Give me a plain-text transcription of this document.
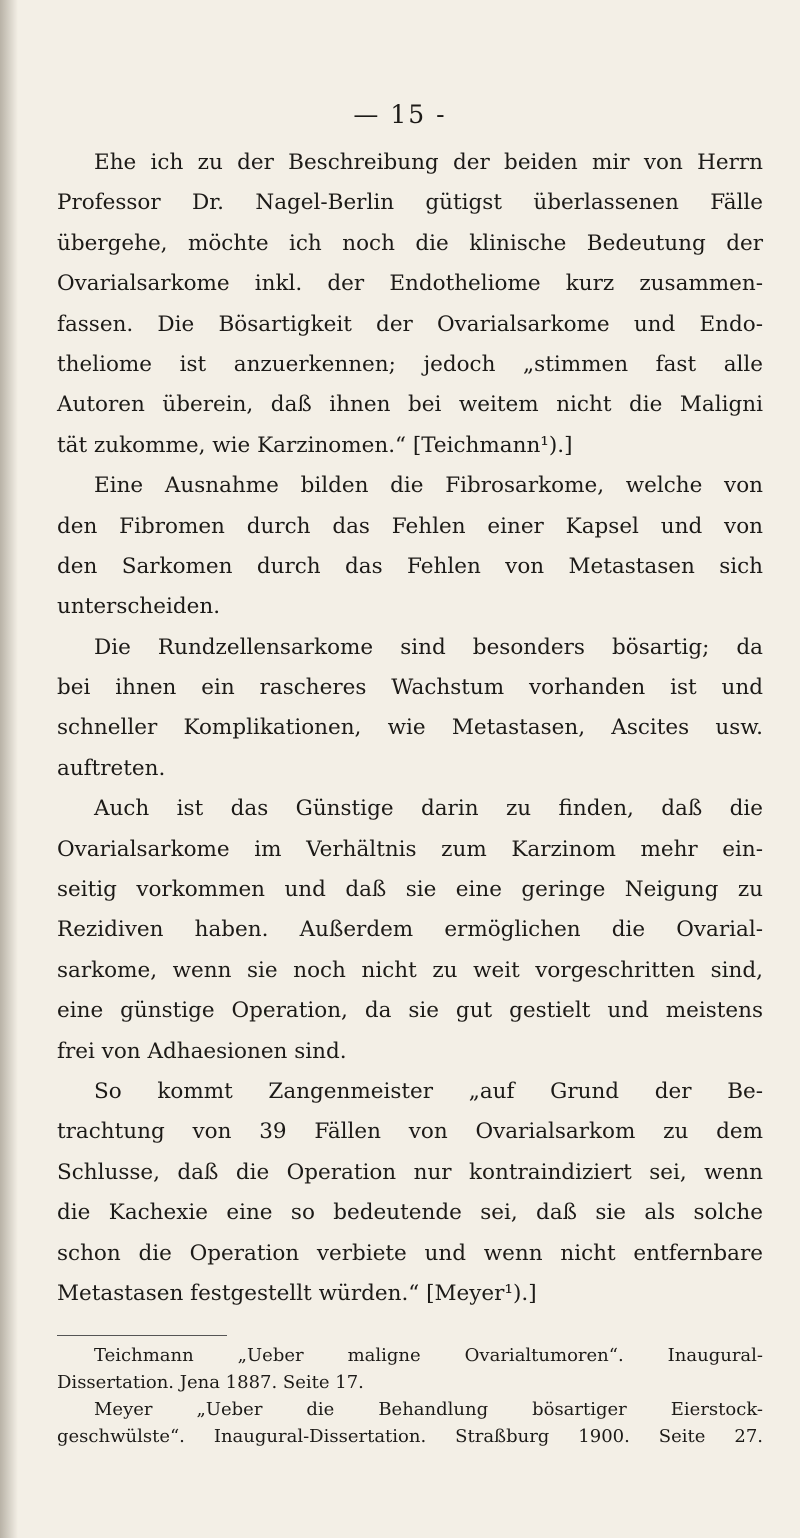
— 15 -
Ehe ich zu der Beschreibung der beiden mir von Herrn
Professor Dr. Nagel-Berlin gütigst überlassenen Fälle
übergehe, möchte ich noch die klinische Bedeutung der
Ovarialsarkome inkl. der Endotheliome kurz zusammen-
fassen. Die Bösartigkeit der Ovarialsarkome und Endo-
theliome ist anzuerkennen; jedoch „stimmen fast alle
Autoren überein, daß ihnen bei weitem nicht die Maligni
tät zukomme, wie Karzinomen.“ [Teichmann¹).]
Eine Ausnahme bilden die Fibrosarkome, welche von
den Fibromen durch das Fehlen einer Kapsel und von
den Sarkomen durch das Fehlen von Metastasen sich
unterscheiden.
Die Rundzellensarkome sind besonders bösartig; da
bei ihnen ein rascheres Wachstum vorhanden ist und
schneller Komplikationen, wie Metastasen, Ascites usw.
auftreten.
Auch ist das Günstige darin zu finden, daß die
Ovarialsarkome im Verhältnis zum Karzinom mehr ein-
seitig vorkommen und daß sie eine geringe Neigung zu
Rezidiven haben. Außerdem ermöglichen die Ovarial-
sarkome, wenn sie noch nicht zu weit vorgeschritten sind,
eine günstige Operation, da sie gut gestielt und meistens
frei von Adhaesionen sind.
So kommt Zangenmeister „auf Grund der Be-
trachtung von 39 Fällen von Ovarialsarkom zu dem
Schlusse, daß die Operation nur kontraindiziert sei, wenn
die Kachexie eine so bedeutende sei, daß sie als solche
schon die Operation verbiete und wenn nicht entfernbare
Metastasen festgestellt würden.“ [Meyer¹).]
Teichmann „Ueber maligne Ovarialtumoren“. Inaugural-
Dissertation. Jena 1887. Seite 17.
Meyer „Ueber die Behandlung bösartiger Eierstock-
geschwülste“. Inaugural-Dissertation. Straßburg 1900. Seite 27.
